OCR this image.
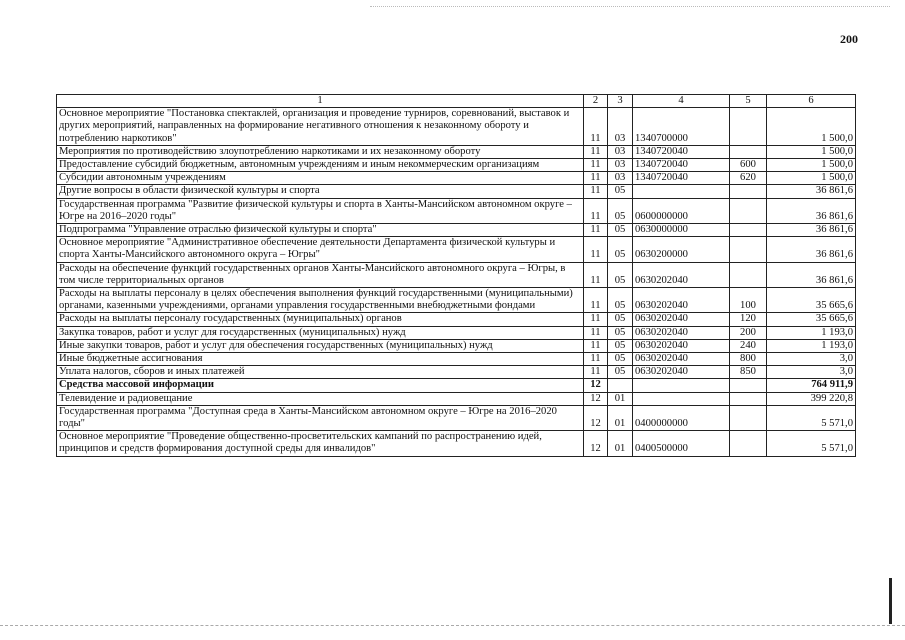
200
1	2	3	4	5	6
Основное мероприятие "Постановка спектаклей, организация и проведение турниров, соревнований, выставок и других мероприятий, направленных на формирование негативного отношения к незаконному обороту и потреблению наркотиков"	11	03	1340700000		1 500,0
Мероприятия по противодействию злоупотреблению наркотиками и их незаконному обороту	11	03	1340720040		1 500,0
Предоставление субсидий бюджетным, автономным учреждениям и иным некоммерческим организациям	11	03	1340720040	600	1 500,0
Субсидии автономным учреждениям	11	03	1340720040	620	1 500,0
Другие вопросы в области физической культуры и спорта	11	05			36 861,6
Государственная программа "Развитие физической культуры и спорта в Ханты-Мансийском автономном округе – Югре на 2016–2020 годы"	11	05	0600000000		36 861,6
Подпрограмма "Управление отраслью физической культуры и спорта"	11	05	0630000000		36 861,6
Основное мероприятие "Административное обеспечение деятельности Департамента физической культуры и спорта Ханты-Мансийского автономного округа – Югры"	11	05	0630200000		36 861,6
Расходы на обеспечение функций государственных органов Ханты-Мансийского автономного округа – Югры, в том числе территориальных органов	11	05	0630202040		36 861,6
Расходы на выплаты персоналу в целях обеспечения выполнения функций государственными (муниципальными) органами, казенными учреждениями, органами управления государственными внебюджетными фондами	11	05	0630202040	100	35 665,6
Расходы на выплаты персоналу государственных (муниципальных) органов	11	05	0630202040	120	35 665,6
Закупка товаров, работ и услуг для государственных (муниципальных) нужд	11	05	0630202040	200	1 193,0
Иные закупки товаров, работ и услуг для обеспечения государственных (муниципальных) нужд	11	05	0630202040	240	1 193,0
Иные бюджетные ассигнования	11	05	0630202040	800	3,0
Уплата налогов, сборов и иных платежей	11	05	0630202040	850	3,0
Средства массовой информации	12				764 911,9
Телевидение и радиовещание	12	01			399 220,8
Государственная программа "Доступная среда в Ханты-Мансийском автономном округе – Югре на 2016–2020 годы"	12	01	0400000000		5 571,0
Основное мероприятие "Проведение общественно-просветительских кампаний по распространению идей, принципов и средств формирования доступной среды для инвалидов"	12	01	0400500000		5 571,0
